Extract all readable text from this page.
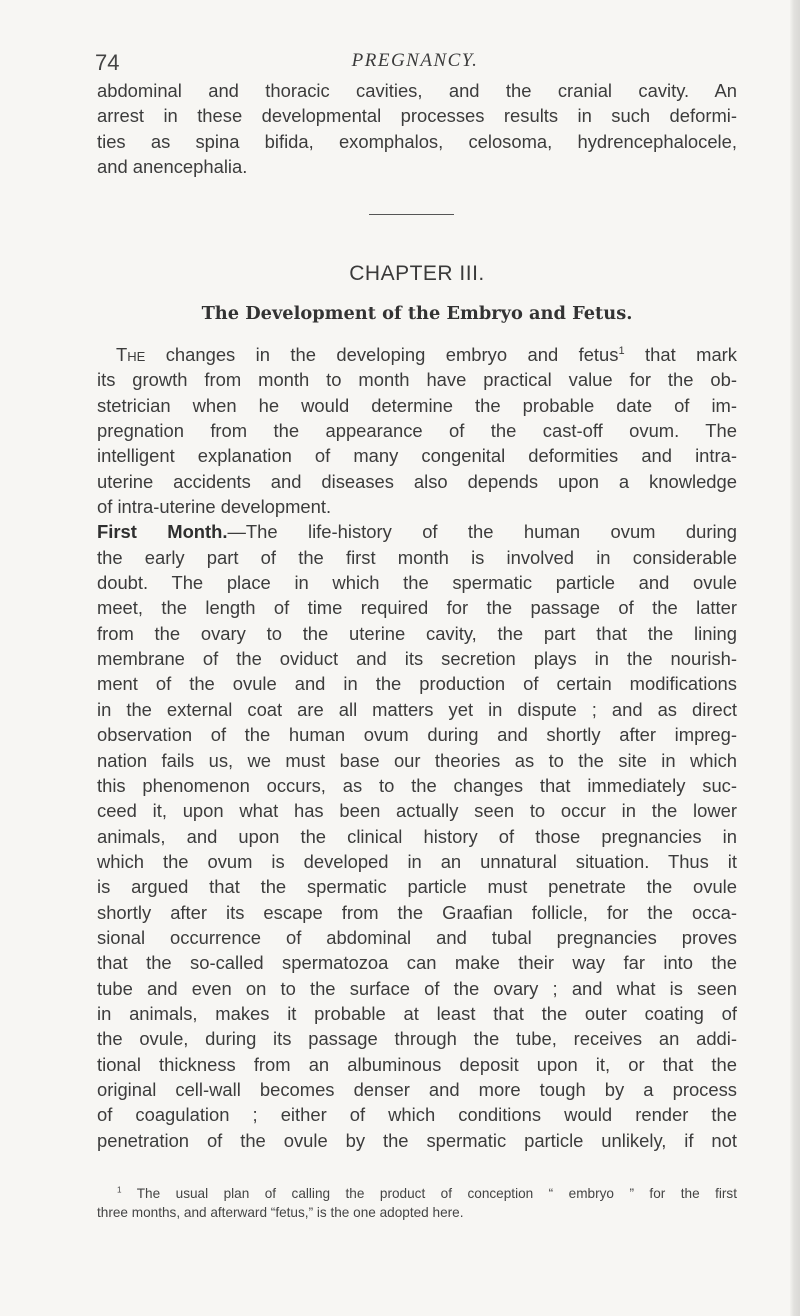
74	PREGNANCY.
abdominal and thoracic cavities, and the cranial cavity. An
arrest in these developmental processes results in such deformi-
ties as spina bifida, exomphalos, celosoma, hydrencephalocele,
and anencephalia.
CHAPTER III.
The Development of the Embryo and Fetus.
The changes in the developing embryo and fetus$^1$ that mark
its growth from month to month have practical value for the ob-
stetrician when he would determine the probable date of im-
pregnation from the appearance of the cast-off ovum. The
intelligent explanation of many congenital deformities and intra-
uterine accidents and diseases also depends upon a knowledge
of intra-uterine development.
First Month.—The life-history of the human ovum during
the early part of the first month is involved in considerable
doubt. The place in which the spermatic particle and ovule
meet, the length of time required for the passage of the latter
from the ovary to the uterine cavity, the part that the lining
membrane of the oviduct and its secretion plays in the nourish-
ment of the ovule and in the production of certain modifications
in the external coat are all matters yet in dispute ; and as direct
observation of the human ovum during and shortly after impreg-
nation fails us, we must base our theories as to the site in which
this phenomenon occurs, as to the changes that immediately suc-
ceed it, upon what has been actually seen to occur in the lower
animals, and upon the clinical history of those pregnancies in
which the ovum is developed in an unnatural situation. Thus it
is argued that the spermatic particle must penetrate the ovule
shortly after its escape from the Graafian follicle, for the occa-
sional occurrence of abdominal and tubal pregnancies proves
that the so-called spermatozoa can make their way far into the
tube and even on to the surface of the ovary ; and what is seen
in animals, makes it probable at least that the outer coating of
the ovule, during its passage through the tube, receives an addi-
tional thickness from an albuminous deposit upon it, or that the
original cell-wall becomes denser and more tough by a process
of coagulation ; either of which conditions would render the
penetration of the ovule by the spermatic particle unlikely, if not
$^1$ The usual plan of calling the product of conception “ embryo ” for the first
three months, and afterward “fetus,” is the one adopted here.
